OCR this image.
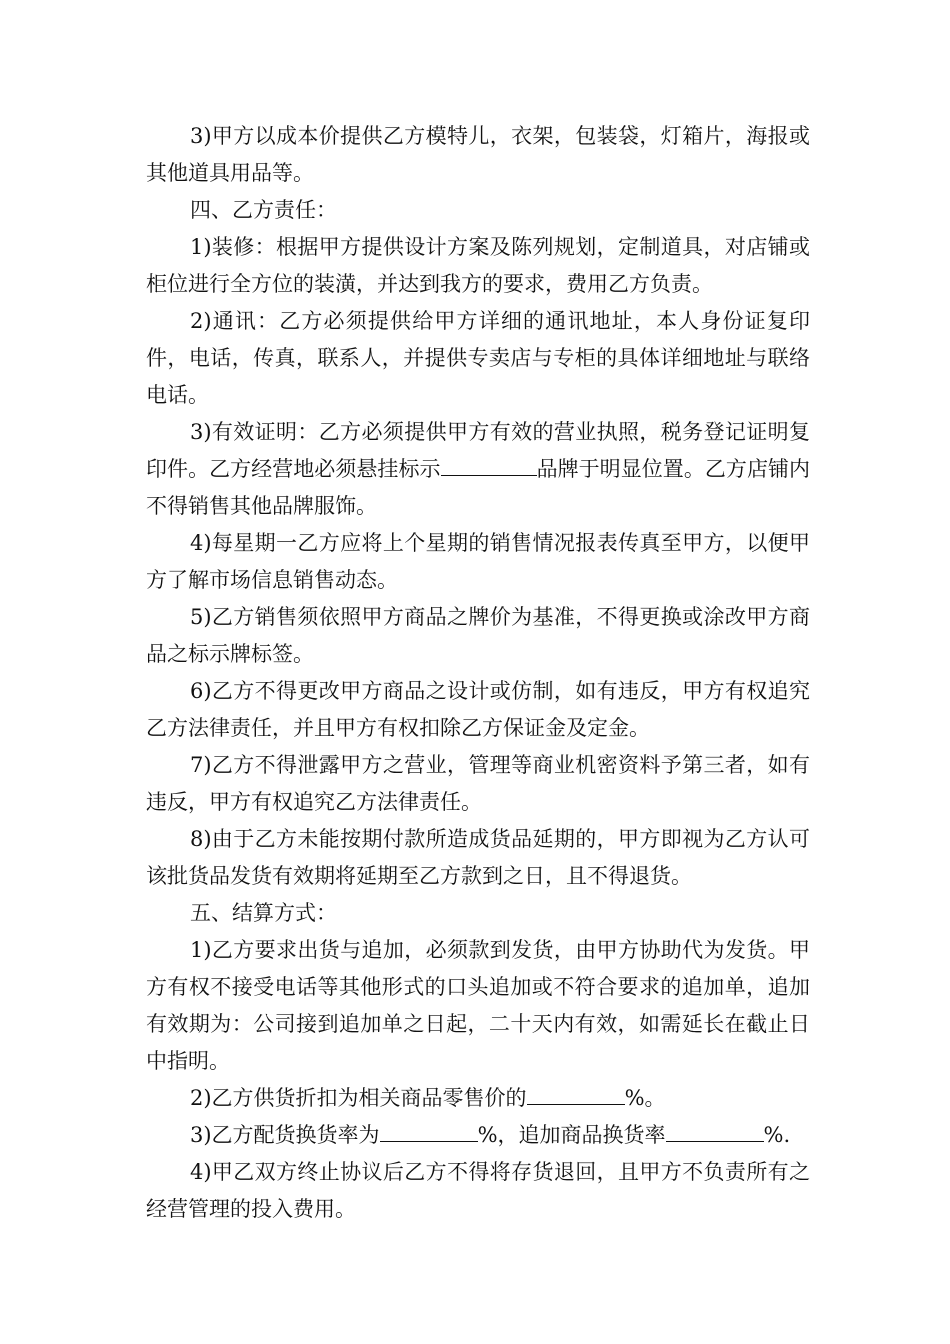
3)甲方以成本价提供乙方模特儿，衣架，包装袋，灯箱片，海报或其他道具用品等。

四、乙方责任：

1)装修：根据甲方提供设计方案及陈列规划，定制道具，对店铺或柜位进行全方位的装潢，并达到我方的要求，费用乙方负责。

2)通讯：乙方必须提供给甲方详细的通讯地址，本人身份证复印件，电话，传真，联系人，并提供专卖店与专柜的具体详细地址与联络电话。

3)有效证明：乙方必须提供甲方有效的营业执照，税务登记证明复印件。乙方经营地必须悬挂标示	品牌于明显位置。乙方店铺内不得销售其他品牌服饰。

4)每星期一乙方应将上个星期的销售情况报表传真至甲方，以便甲方了解市场信息销售动态。

5)乙方销售须依照甲方商品之牌价为基准，不得更换或涂改甲方商品之标示牌标签。

6)乙方不得更改甲方商品之设计或仿制，如有违反，甲方有权追究乙方法律责任，并且甲方有权扣除乙方保证金及定金。

7)乙方不得泄露甲方之营业，管理等商业机密资料予第三者，如有违反，甲方有权追究乙方法律责任。

8)由于乙方未能按期付款所造成货品延期的，甲方即视为乙方认可该批货品发货有效期将延期至乙方款到之日，且不得退货。

五、结算方式：

1)乙方要求出货与追加，必须款到发货，由甲方协助代为发货。甲方有权不接受电话等其他形式的口头追加或不符合要求的追加单，追加有效期为：公司接到追加单之日起，二十天内有效，如需延长在截止日中指明。

2)乙方供货折扣为相关商品零售价的	%。

3)乙方配货换货率为	%，追加商品换货率	%.

4)甲乙双方终止协议后乙方不得将存货退回，且甲方不负责所有之经营管理的投入费用。
